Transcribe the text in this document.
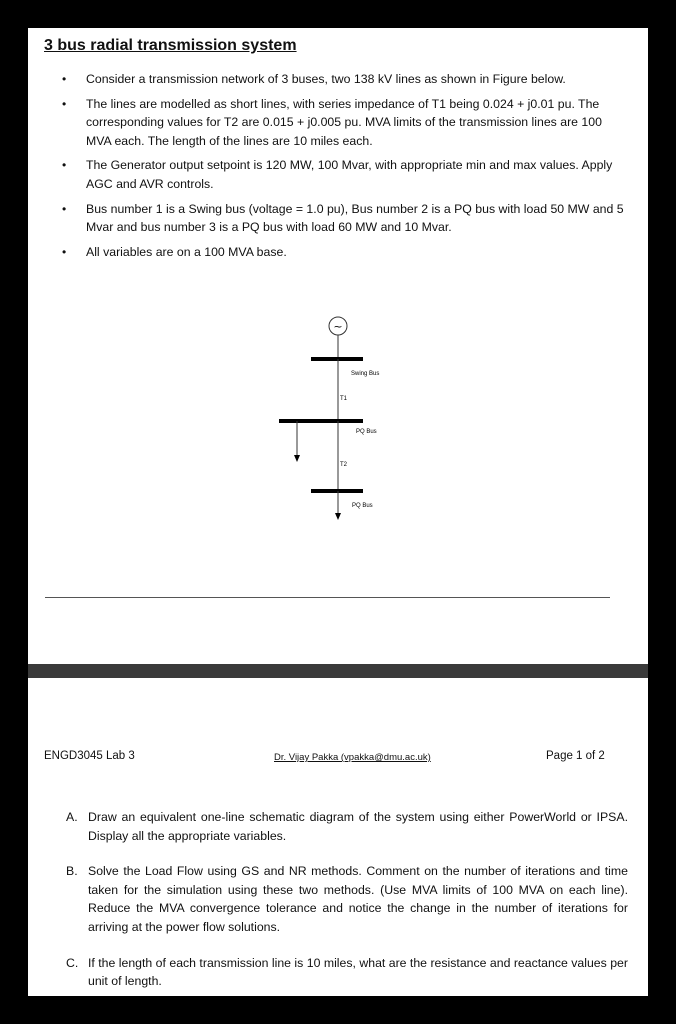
3 bus radial transmission system
• Consider a transmission network of 3 buses, two 138 kV lines as shown in Figure below.
• The lines are modelled as short lines, with series impedance of T1 being 0.024 + j0.01 pu. The corresponding values for T2 are 0.015 + j0.005 pu. MVA limits of the transmission lines are 100 MVA each. The length of the lines are 10 miles each.
• The Generator output setpoint is 120 MW, 100 Mvar, with appropriate min and max values. Apply AGC and AVR controls.
• Bus number 1 is a Swing bus (voltage = 1.0 pu), Bus number 2 is a PQ bus with load 50 MW and 5 Mvar and bus number 3 is a PQ bus with load 60 MW and 10 Mvar.
• All variables are on a 100 MVA base.
~
Swing Bus
T1
PQ Bus
T2
PQ Bus
ENGD3045 Lab 3	Dr. Vijay Pakka (vpakka@dmu.ac.uk)	Page 1 of 2
A. Draw an equivalent one-line schematic diagram of the system using either PowerWorld or IPSA. Display all the appropriate variables.
B. Solve the Load Flow using GS and NR methods. Comment on the number of iterations and time taken for the simulation using these two methods. (Use MVA limits of 100 MVA on each line). Reduce the MVA convergence tolerance and notice the change in the number of iterations for arriving at the power flow solutions.
C. If the length of each transmission line is 10 miles, what are the resistance and reactance values per unit of length.
